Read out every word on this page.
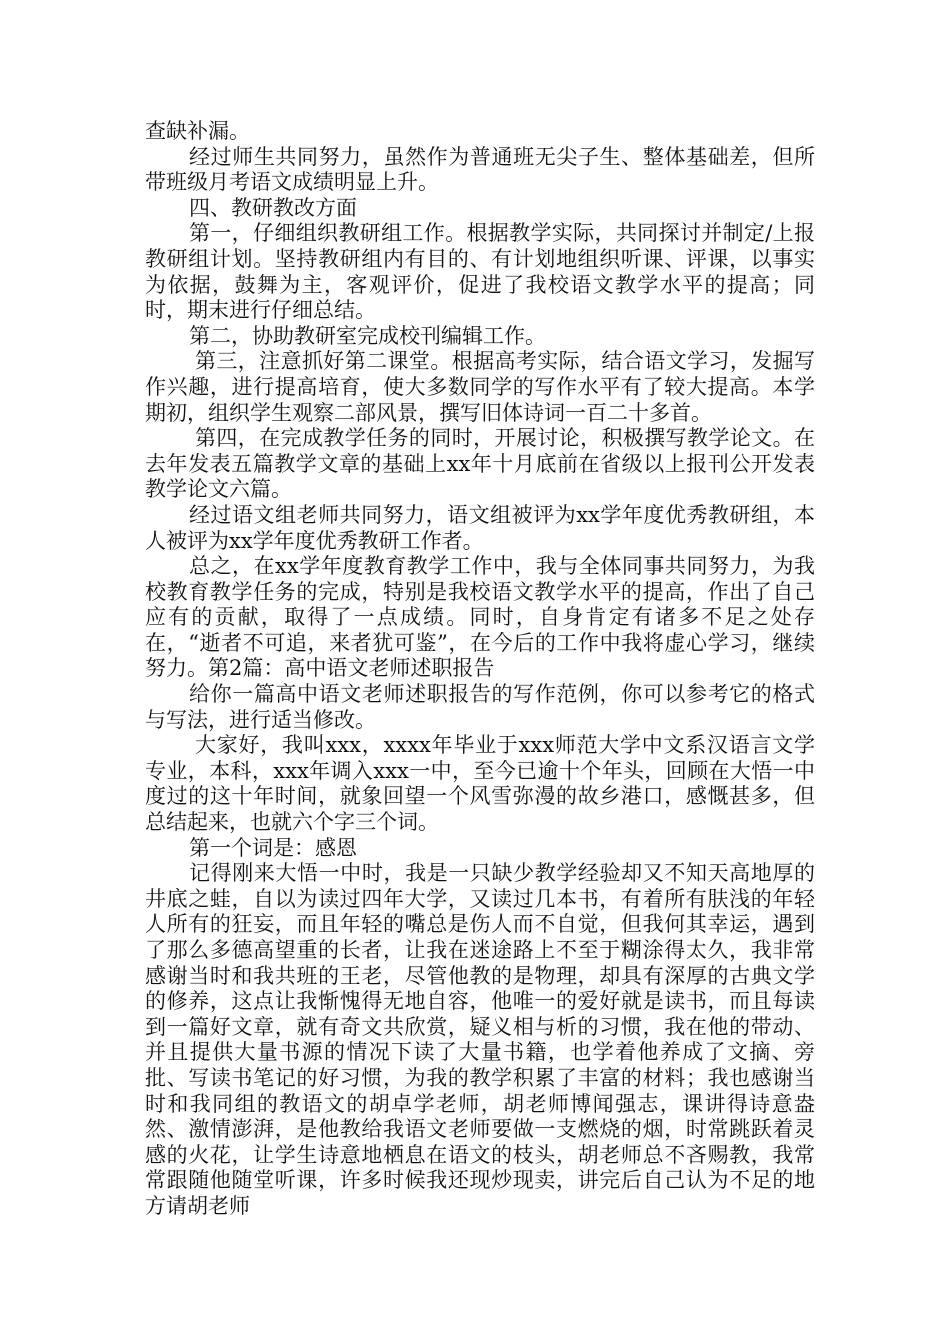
查缺补漏。

经过师生共同努力，虽然作为普通班无尖子生、整体基础差，但所带班级月考语文成绩明显上升。

四、教研教改方面

第一，仔细组织教研组工作。根据教学实际，共同探讨并制定/上报教研组计划。坚持教研组内有目的、有计划地组织听课、评课，以事实为依据，鼓舞为主，客观评价，促进了我校语文教学水平的提高；同时，期末进行仔细总结。

第二，协助教研室完成校刊编辑工作。

第三，注意抓好第二课堂。根据高考实际，结合语文学习，发掘写作兴趣，进行提高培育，使大多数同学的写作水平有了较大提高。本学期初，组织学生观察二部风景，撰写旧体诗词一百二十多首。

第四，在完成教学任务的同时，开展讨论，积极撰写教学论文。在去年发表五篇教学文章的基础上xx年十月底前在省级以上报刊公开发表教学论文六篇。

经过语文组老师共同努力，语文组被评为xx学年度优秀教研组，本人被评为xx学年度优秀教研工作者。

总之，在xx学年度教育教学工作中，我与全体同事共同努力，为我校教育教学任务的完成，特别是我校语文教学水平的提高，作出了自己应有的贡献，取得了一点成绩。同时，自身肯定有诸多不足之处存在，“逝者不可追，来者犹可鉴”，在今后的工作中我将虚心学习，继续努力。第2篇：高中语文老师述职报告

给你一篇高中语文老师述职报告的写作范例，你可以参考它的格式与写法，进行适当修改。

大家好，我叫xxx，xxxx年毕业于xxx师范大学中文系汉语言文学专业，本科，xxx年调入xxx一中，至今已逾十个年头，回顾在大悟一中度过的这十年时间，就象回望一个风雪弥漫的故乡港口，感慨甚多，但总结起来，也就六个字三个词。

第一个词是：感恩

记得刚来大悟一中时，我是一只缺少教学经验却又不知天高地厚的井底之蛙，自以为读过四年大学，又读过几本书，有着所有肤浅的年轻人所有的狂妄，而且年轻的嘴总是伤人而不自觉，但我何其幸运，遇到了那么多德高望重的长者，让我在迷途路上不至于糊涂得太久，我非常感谢当时和我共班的王老，尽管他教的是物理，却具有深厚的古典文学的修养，这点让我惭愧得无地自容，他唯一的爱好就是读书，而且每读到一篇好文章，就有奇文共欣赏，疑义相与析的习惯，我在他的带动、并且提供大量书源的情况下读了大量书籍，也学着他养成了文摘、旁批、写读书笔记的好习惯，为我的教学积累了丰富的材料；我也感谢当时和我同组的教语文的胡卓学老师，胡老师博闻强志，课讲得诗意盎然、激情澎湃，是他教给我语文老师要做一支燃烧的烟，时常跳跃着灵感的火花，让学生诗意地栖息在语文的枝头，胡老师总不吝赐教，我常常跟随他随堂听课，许多时候我还现炒现卖，讲完后自己认为不足的地方请胡老师
